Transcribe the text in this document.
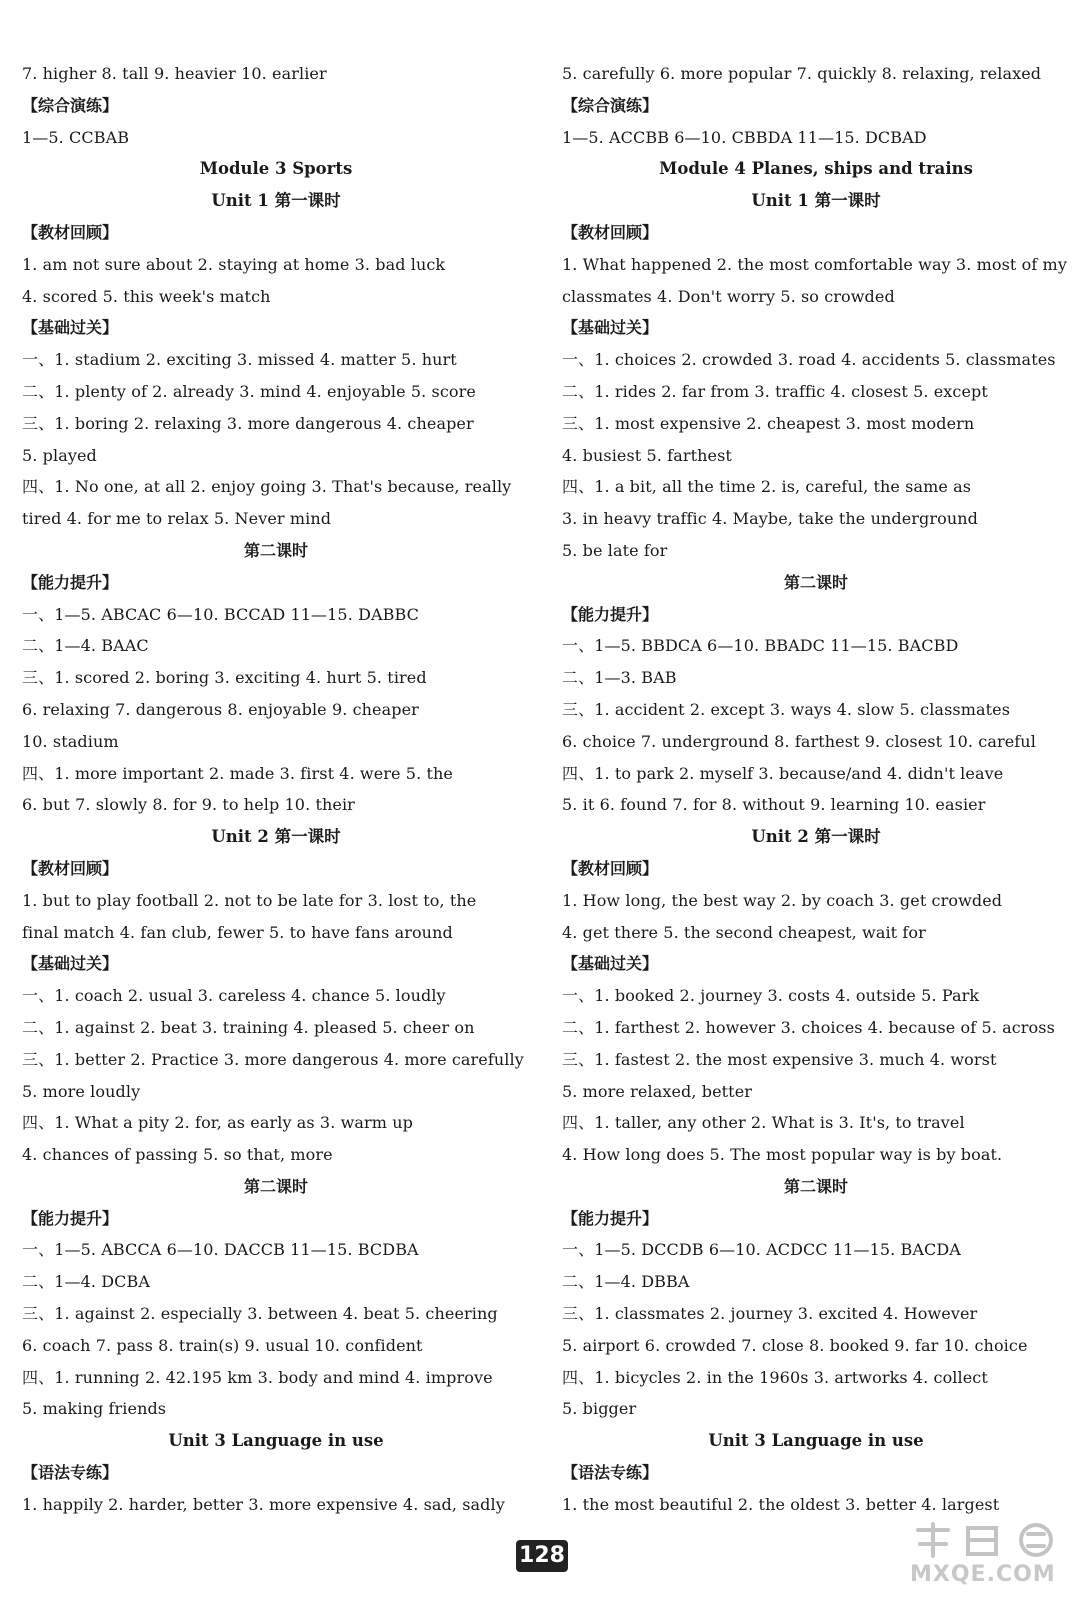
7. higher 8. tall 9. heavier 10. earlier
【综合演练】
1—5. CCBAB
Module 3 Sports
Unit 1 第一课时
【教材回顾】
1. am not sure about 2. staying at home 3. bad luck
4. scored 5. this week's match
【基础过关】
一、1. stadium 2. exciting 3. missed 4. matter 5. hurt
二、1. plenty of 2. already 3. mind 4. enjoyable 5. score
三、1. boring 2. relaxing 3. more dangerous 4. cheaper
5. played
四、1. No one, at all 2. enjoy going 3. That's because, really
tired 4. for me to relax 5. Never mind
第二课时
【能力提升】
一、1—5. ABCAC 6—10. BCCAD 11—15. DABBC
二、1—4. BAAC
三、1. scored 2. boring 3. exciting 4. hurt 5. tired
6. relaxing 7. dangerous 8. enjoyable 9. cheaper
10. stadium
四、1. more important 2. made 3. first 4. were 5. the
6. but 7. slowly 8. for 9. to help 10. their
Unit 2 第一课时
【教材回顾】
1. but to play football 2. not to be late for 3. lost to, the
final match 4. fan club, fewer 5. to have fans around
【基础过关】
一、1. coach 2. usual 3. careless 4. chance 5. loudly
二、1. against 2. beat 3. training 4. pleased 5. cheer on
三、1. better 2. Practice 3. more dangerous 4. more carefully
5. more loudly
四、1. What a pity 2. for, as early as 3. warm up
4. chances of passing 5. so that, more
第二课时
【能力提升】
一、1—5. ABCCA 6—10. DACCB 11—15. BCDBA
二、1—4. DCBA
三、1. against 2. especially 3. between 4. beat 5. cheering
6. coach 7. pass 8. train(s) 9. usual 10. confident
四、1. running 2. 42.195 km 3. body and mind 4. improve
5. making friends
Unit 3 Language in use
【语法专练】
1. happily 2. harder, better 3. more expensive 4. sad, sadly
5. carefully 6. more popular 7. quickly 8. relaxing, relaxed
【综合演练】
1—5. ACCBB 6—10. CBBDA 11—15. DCBAD
Module 4 Planes, ships and trains
Unit 1 第一课时
【教材回顾】
1. What happened 2. the most comfortable way 3. most of my
classmates 4. Don't worry 5. so crowded
【基础过关】
一、1. choices 2. crowded 3. road 4. accidents 5. classmates
二、1. rides 2. far from 3. traffic 4. closest 5. except
三、1. most expensive 2. cheapest 3. most modern
4. busiest 5. farthest
四、1. a bit, all the time 2. is, careful, the same as
3. in heavy traffic 4. Maybe, take the underground
5. be late for
第二课时
【能力提升】
一、1—5. BBDCA 6—10. BBADC 11—15. BACBD
二、1—3. BAB
三、1. accident 2. except 3. ways 4. slow 5. classmates
6. choice 7. underground 8. farthest 9. closest 10. careful
四、1. to park 2. myself 3. because/and 4. didn't leave
5. it 6. found 7. for 8. without 9. learning 10. easier
Unit 2 第一课时
【教材回顾】
1. How long, the best way 2. by coach 3. get crowded
4. get there 5. the second cheapest, wait for
【基础过关】
一、1. booked 2. journey 3. costs 4. outside 5. Park
二、1. farthest 2. however 3. choices 4. because of 5. across
三、1. fastest 2. the most expensive 3. much 4. worst
5. more relaxed, better
四、1. taller, any other 2. What is 3. It's, to travel
4. How long does 5. The most popular way is by boat.
第二课时
【能力提升】
一、1—5. DCCDB 6—10. ACDCC 11—15. BACDA
二、1—4. DBBA
三、1. classmates 2. journey 3. excited 4. However
5. airport 6. crowded 7. close 8. booked 9. far 10. choice
四、1. bicycles 2. in the 1960s 3. artworks 4. collect
5. bigger
Unit 3 Language in use
【语法专练】
1. the most beautiful 2. the oldest 3. better 4. largest
128
MXQE.COM
